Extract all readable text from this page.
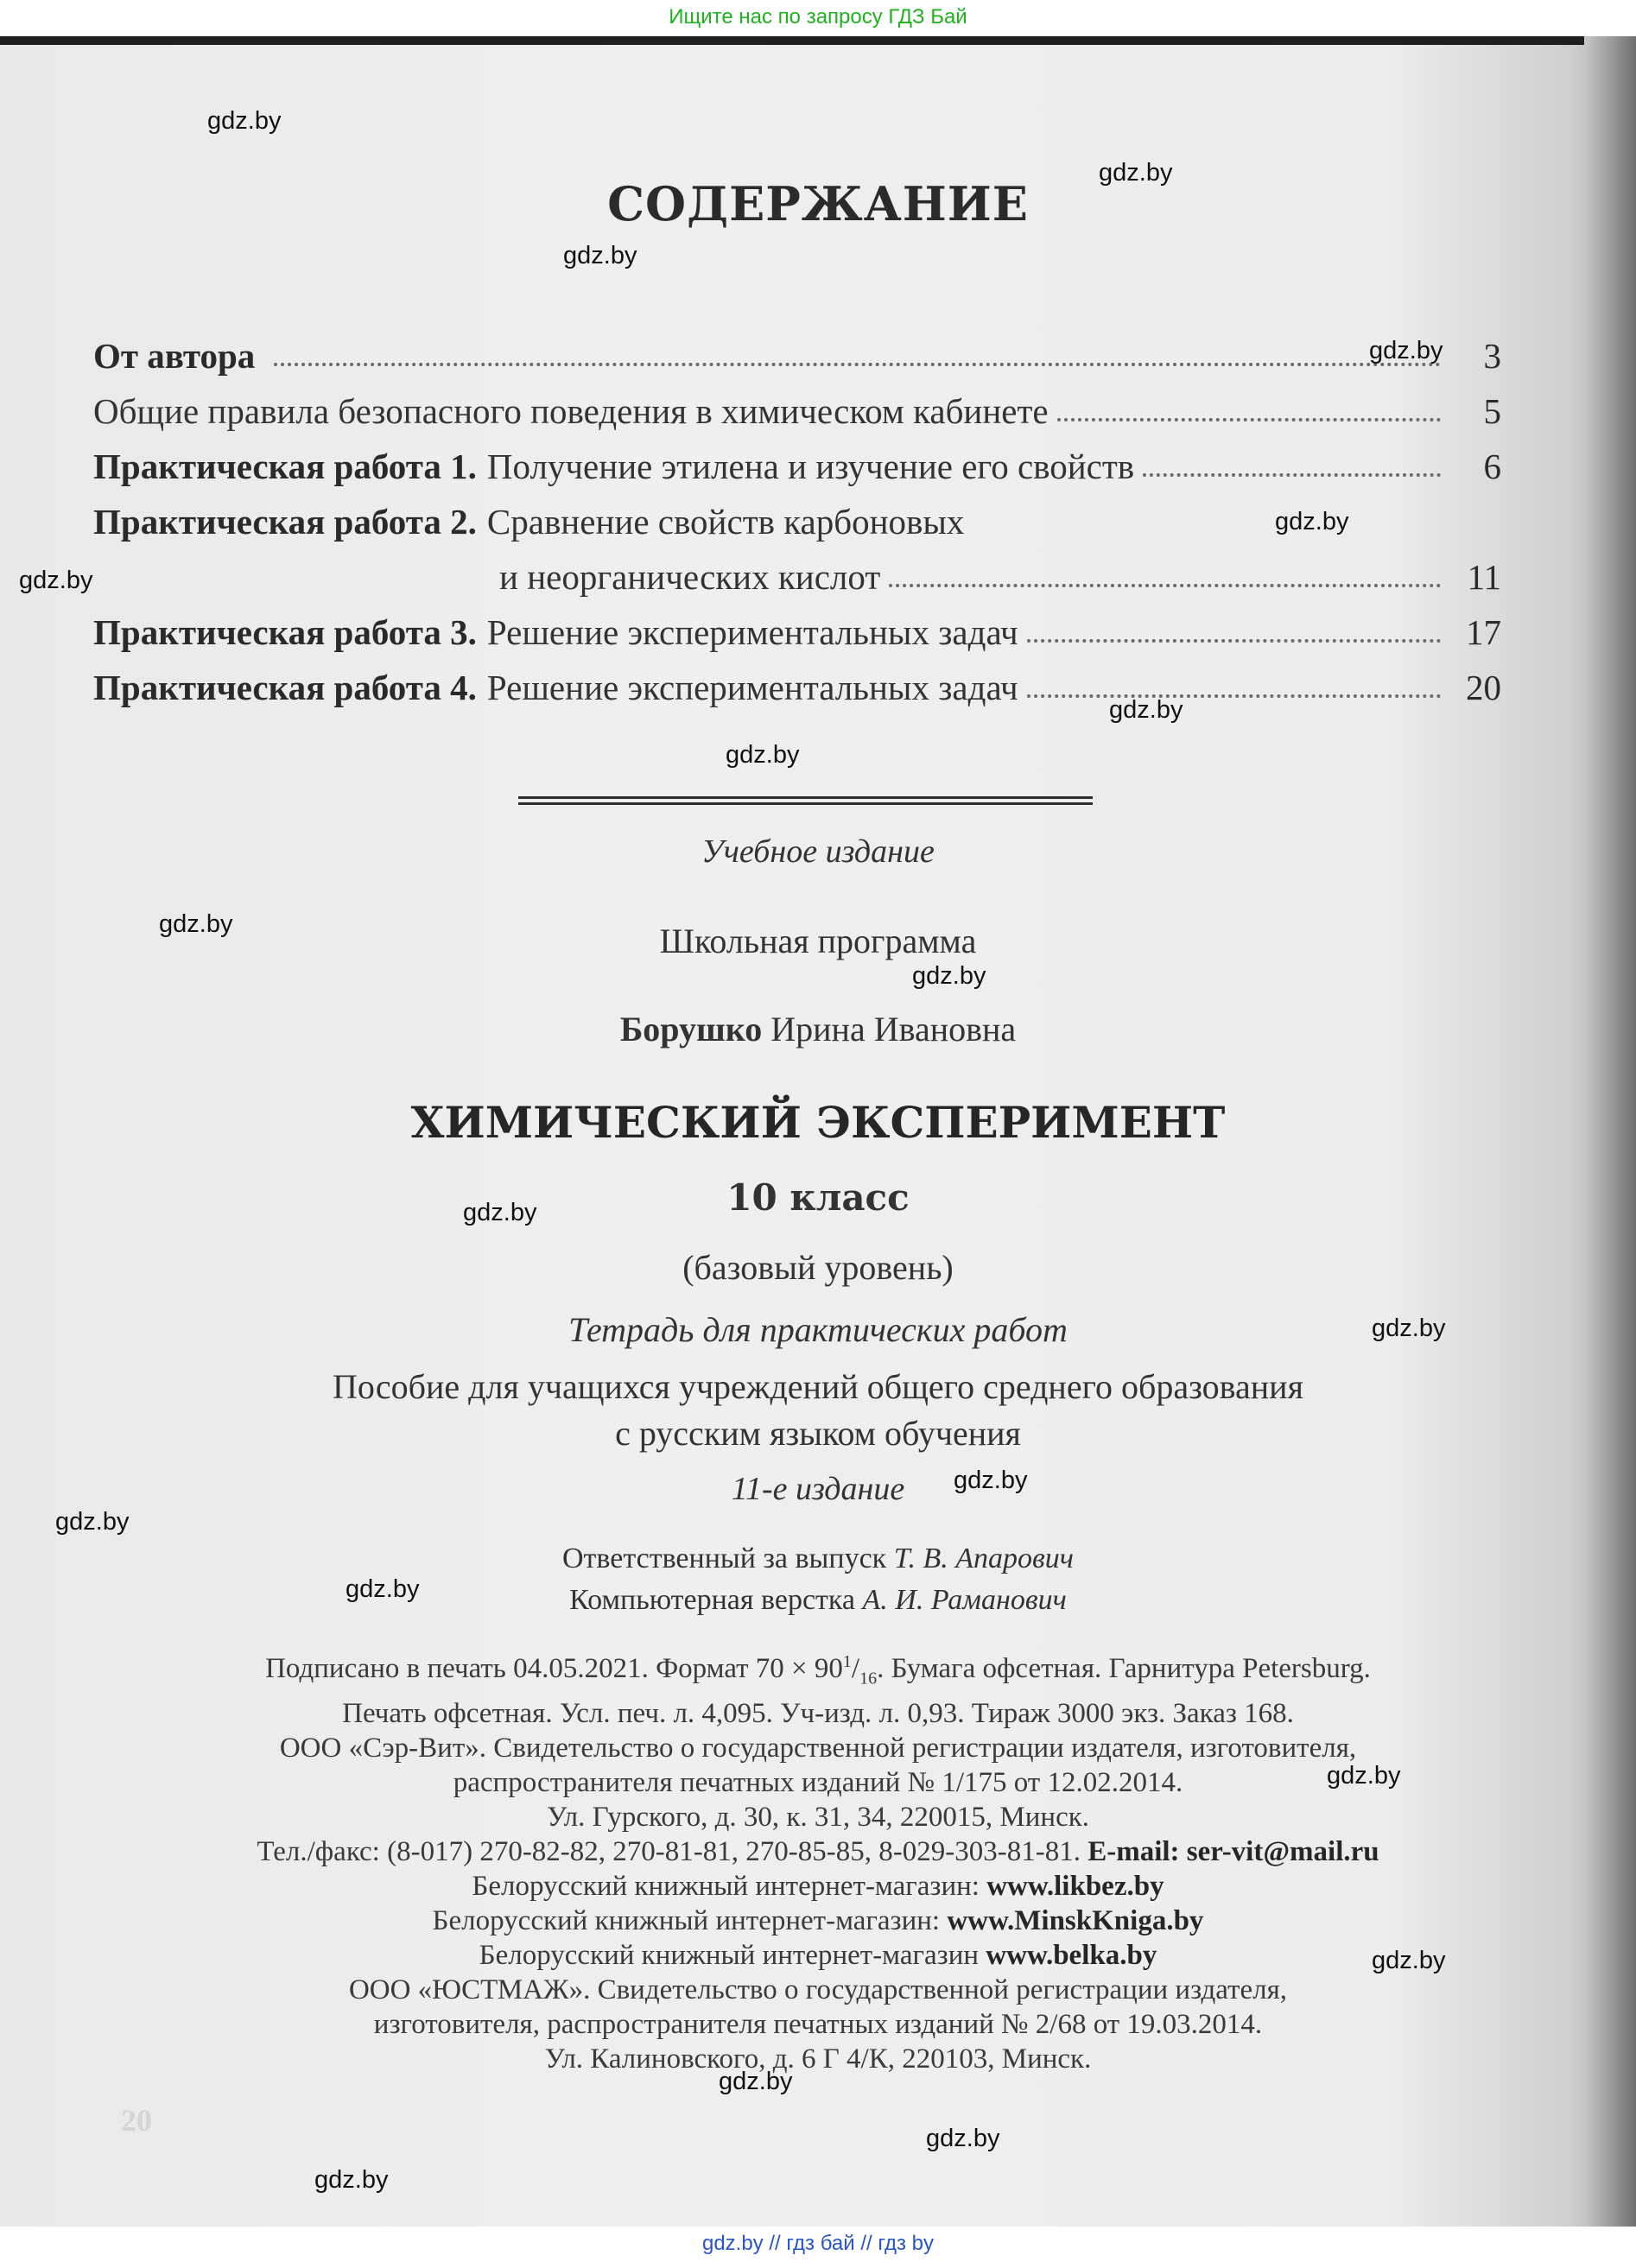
Ищите нас по запросу ГДЗ Бай
СОДЕРЖАНИЕ
От автора	3
Общие правила безопасного поведения в химическом кабинете	5
Практическая работа 1. Получение этилена и изучение его свойств	6
Практическая работа 2. Сравнение свойств карбоновых
и неорганических кислот	11
Практическая работа 3. Решение экспериментальных задач	17
Практическая работа 4. Решение экспериментальных задач	20
Учебное издание
Школьная программа
Борушко Ирина Ивановна
ХИМИЧЕСКИЙ ЭКСПЕРИМЕНТ
10 класс
(базовый уровень)
Тетрадь для практических работ
Пособие для учащихся учреждений общего среднего образования
с русским языком обучения
11-е издание
Ответственный за выпуск Т. В. Апарович
Компьютерная верстка А. И. Раманович
Подписано в печать 04.05.2021. Формат $70 \times 90^1/_{16}$. Бумага офсетная. Гарнитура Petersburg.
Печать офсетная. Усл. печ. л. 4,095. Уч-изд. л. 0,93. Тираж 3000 экз. Заказ 168.
ООО «Сэр-Вит». Свидетельство о государственной регистрации издателя, изготовителя,
распространителя печатных изданий № 1/175 от 12.02.2014.
Ул. Гурского, д. 30, к. 31, 34, 220015, Минск.
Тел./факс: (8-017) 270-82-82, 270-81-81, 270-85-85, 8-029-303-81-81. E-mail: ser-vit@mail.ru
Белорусский книжный интернет-магазин: www.likbez.by
Белорусский книжный интернет-магазин: www.MinskKniga.by
Белорусский книжный интернет-магазин www.belka.by
ООО «ЮСТМАЖ». Свидетельство о государственной регистрации издателя,
изготовителя, распространителя печатных изданий № 2/68 от 19.03.2014.
Ул. Калиновского, д. 6 Г 4/К, 220103, Минск.
20
gdz.by
gdz.by
gdz.by
gdz.by
gdz.by
gdz.by
gdz.by
gdz.by
gdz.by
gdz.by
gdz.by
gdz.by
gdz.by
gdz.by
gdz.by
gdz.by
gdz.by
gdz.by
gdz.by
gdz.by
gdz.by // гдз бай // гдз by
